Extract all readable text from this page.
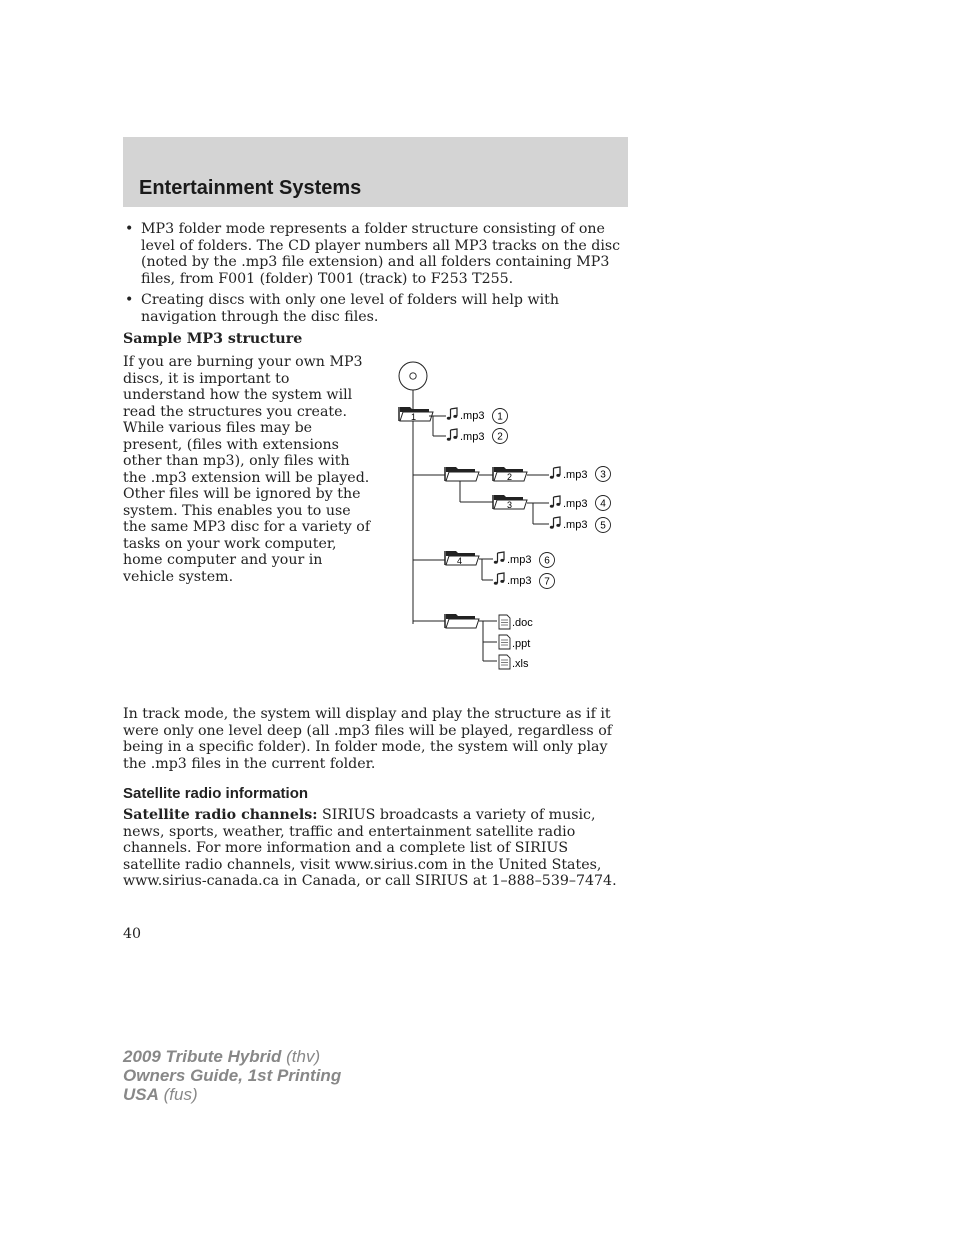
Entertainment Systems
• MP3 folder mode represents a folder structure consisting of one level of folders. The CD player numbers all MP3 tracks on the disc (noted by the .mp3 file extension) and all folders containing MP3 files, from F001 (folder) T001 (track) to F253 T255.
• Creating discs with only one level of folders will help with navigation through the disc files.
Sample MP3 structure
If you are burning your own MP3 discs, it is important to understand how the system will read the structures you create. While various files may be present, (files with extensions other than mp3), only files with the .mp3 extension will be played. Other files will be ignored by the system. This enables you to use the same MP3 disc for a variety of tasks on your work computer, home computer and your in vehicle system.
1
2
3
4
.mp3 1
.mp3 2
.mp3 3
.mp3 4
.mp3 5
.mp3 6
.mp3 7
.doc
.ppt
.xls
In track mode, the system will display and play the structure as if it were only one level deep (all .mp3 files will be played, regardless of being in a specific folder). In folder mode, the system will only play the .mp3 files in the current folder.
Satellite radio information
Satellite radio channels: SIRIUS broadcasts a variety of music, news, sports, weather, traffic and entertainment satellite radio channels. For more information and a complete list of SIRIUS satellite radio channels, visit www.sirius.com in the United States, www.sirius-canada.ca in Canada, or call SIRIUS at 1–888–539–7474.
40
2009 Tribute Hybrid (thv)
Owners Guide, 1st Printing
USA (fus)
